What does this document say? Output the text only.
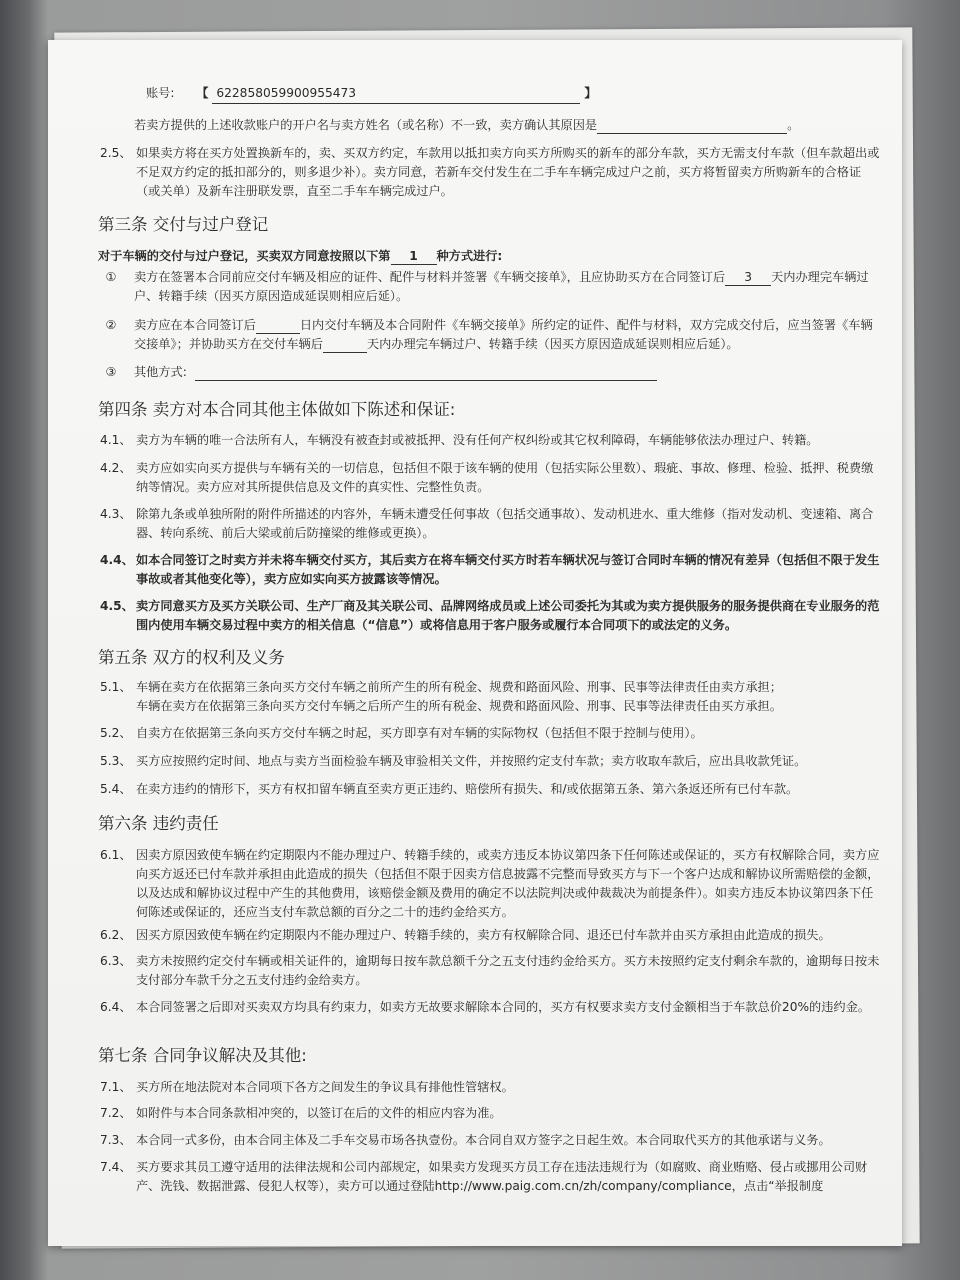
账号: 【 622858059900955473	】
若卖方提供的上述收款账户的开户名与卖方姓名（或名称）不一致，卖方确认其原因是	。
2.5、 如果卖方将在买方处置换新车的，卖、买双方约定，车款用以抵扣卖方向买方所购买的新车的部分车款，买方无需支付车款（但车款超出或不足双方约定的抵扣部分的，则多退少补）。卖方同意，若新车交付发生在二手车车辆完成过户之前，买方将暂留卖方所购新车的合格证（或关单）及新车注册联发票，直至二手车车辆完成过户。
第三条 交付与过户登记
对于车辆的交付与过户登记，买卖双方同意按照以下第 1 种方式进行:
①	卖方在签署本合同前应交付车辆及相应的证件、配件与材料并签署《车辆交接单》，且应协助买方在合同签订后 3 天内办理完车辆过户、转籍手续（因买方原因造成延误则相应后延）。
②	卖方应在本合同签订后	日内交付车辆及本合同附件《车辆交接单》所约定的证件、配件与材料，双方完成交付后，应当签署《车辆交接单》；并协助买方在交付车辆后	天内办理完车辆过户、转籍手续（因买方原因造成延误则相应后延）。
③	其他方式:
第四条 卖方对本合同其他主体做如下陈述和保证:
4.1、 卖方为车辆的唯一合法所有人，车辆没有被查封或被抵押、没有任何产权纠纷或其它权利障碍，车辆能够依法办理过户、转籍。
4.2、 卖方应如实向买方提供与车辆有关的一切信息，包括但不限于该车辆的使用（包括实际公里数）、瑕疵、事故、修理、检验、抵押、税费缴纳等情况。卖方应对其所提供信息及文件的真实性、完整性负责。
4.3、 除第九条或单独所附的附件所描述的内容外，车辆未遭受任何事故（包括交通事故）、发动机进水、重大维修（指对发动机、变速箱、离合器、转向系统、前后大梁或前后防撞梁的维修或更换）。
4.4、 如本合同签订之时卖方并未将车辆交付买方，其后卖方在将车辆交付买方时若车辆状况与签订合同时车辆的情况有差异（包括但不限于发生事故或者其他变化等），卖方应如实向买方披露该等情况。
4.5、 卖方同意买方及买方关联公司、生产厂商及其关联公司、品牌网络成员或上述公司委托为其或为卖方提供服务的服务提供商在专业服务的范围内使用车辆交易过程中卖方的相关信息（“信息”）或将信息用于客户服务或履行本合同项下的或法定的义务。
第五条 双方的权利及义务
5.1、 车辆在卖方在依据第三条向买方交付车辆之前所产生的所有税金、规费和路面风险、刑事、民事等法律责任由卖方承担；
车辆在卖方在依据第三条向买方交付车辆之后所产生的所有税金、规费和路面风险、刑事、民事等法律责任由买方承担。
5.2、 自卖方在依据第三条向买方交付车辆之时起，买方即享有对车辆的实际物权（包括但不限于控制与使用）。
5.3、 买方应按照约定时间、地点与卖方当面检验车辆及审验相关文件，并按照约定支付车款；卖方收取车款后，应出具收款凭证。
5.4、 在卖方违约的情形下，买方有权扣留车辆直至卖方更正违约、赔偿所有损失、和/或依据第五条、第六条返还所有已付车款。
第六条 违约责任
6.1、 因卖方原因致使车辆在约定期限内不能办理过户、转籍手续的，或卖方违反本协议第四条下任何陈述或保证的，买方有权解除合同，卖方应向买方返还已付车款并承担由此造成的损失（包括但不限于因卖方信息披露不完整而导致买方与下一个客户达成和解协议所需赔偿的金额，以及达成和解协议过程中产生的其他费用，该赔偿金额及费用的确定不以法院判决或仲裁裁决为前提条件）。如卖方违反本协议第四条下任何陈述或保证的，还应当支付车款总额的百分之二十的违约金给买方。
6.2、 因买方原因致使车辆在约定期限内不能办理过户、转籍手续的，卖方有权解除合同、退还已付车款并由买方承担由此造成的损失。
6.3、 卖方未按照约定交付车辆或相关证件的，逾期每日按车款总额千分之五支付违约金给买方。买方未按照约定支付剩余车款的，逾期每日按未支付部分车款千分之五支付违约金给卖方。
6.4、 本合同签署之后即对买卖双方均具有约束力，如卖方无故要求解除本合同的，买方有权要求卖方支付金额相当于车款总价20%的违约金。
第七条 合同争议解决及其他:
7.1、 买方所在地法院对本合同项下各方之间发生的争议具有排他性管辖权。
7.2、 如附件与本合同条款相冲突的，以签订在后的文件的相应内容为准。
7.3、 本合同一式多份，由本合同主体及二手车交易市场各执壹份。本合同自双方签字之日起生效。本合同取代买方的其他承诺与义务。
7.4、 买方要求其员工遵守适用的法律法规和公司内部规定，如果卖方发现买方员工存在违法违规行为（如腐败、商业贿赂、侵占或挪用公司财产、洗钱、数据泄露、侵犯人权等），卖方可以通过登陆http://www.paig.com.cn/zh/company/compliance，点击“举报制度
